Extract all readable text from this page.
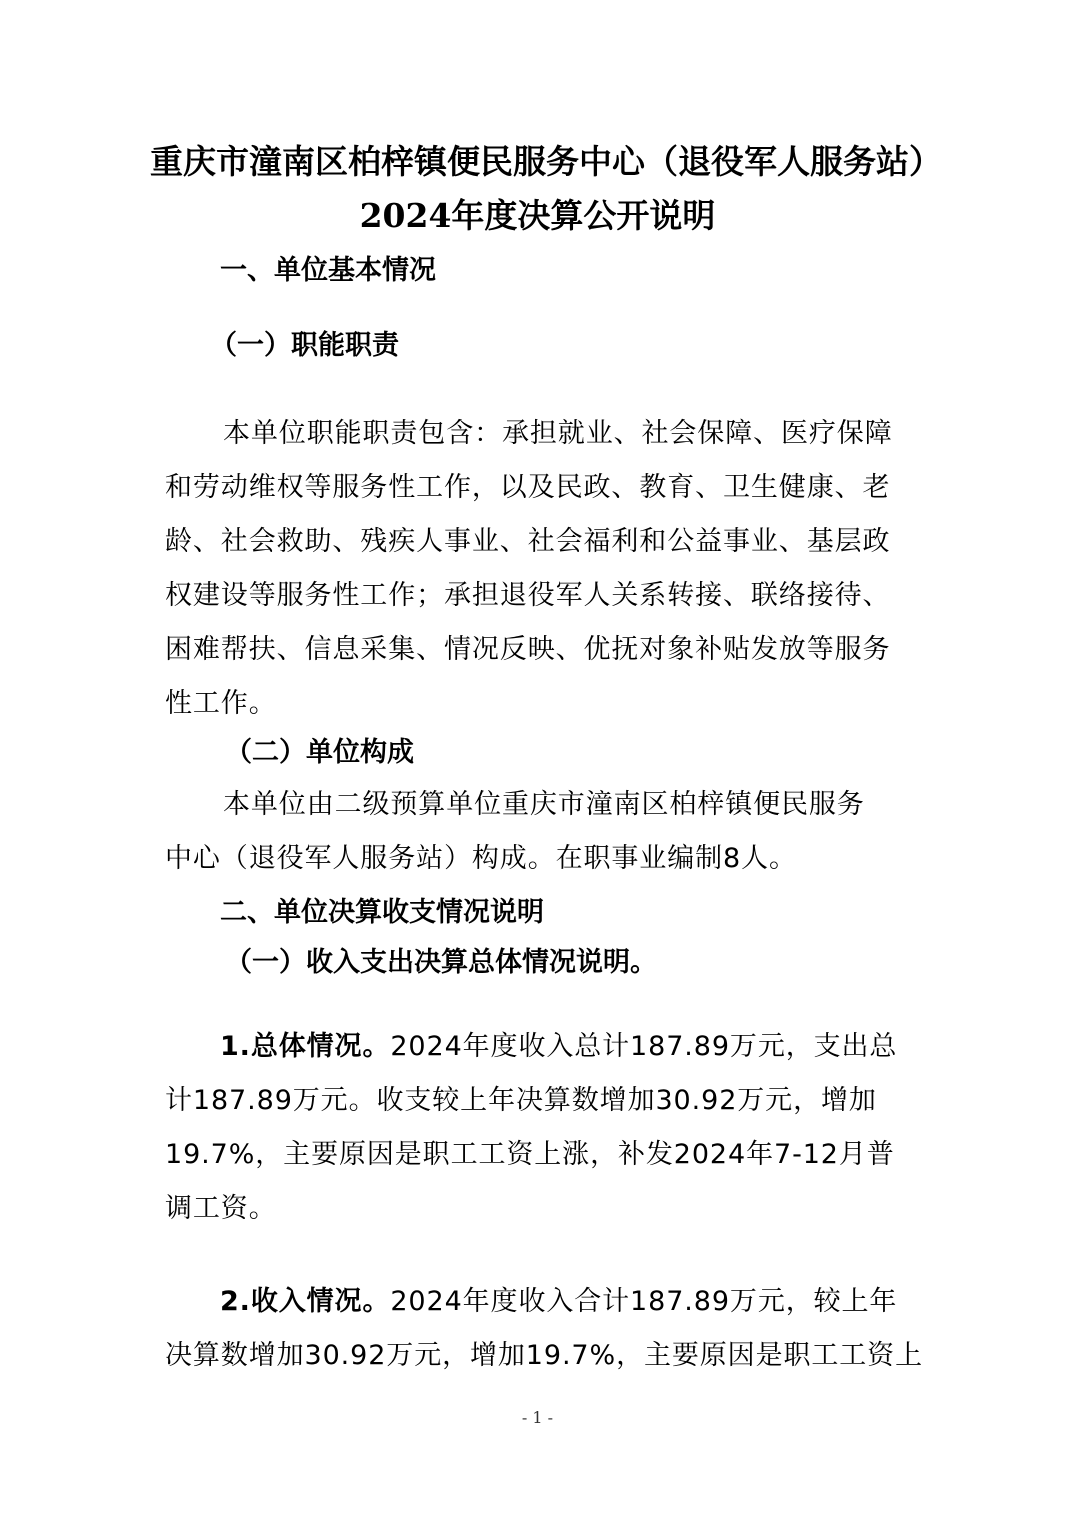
重庆市潼南区柏梓镇便民服务中心（退役军人服务站）
2024年度决算公开说明
一、单位基本情况
（一）职能职责
本单位职能职责包含：承担就业、社会保障、医疗保障
和劳动维权等服务性工作，以及民政、教育、卫生健康、老
龄、社会救助、残疾人事业、社会福利和公益事业、基层政
权建设等服务性工作；承担退役军人关系转接、联络接待、
困难帮扶、信息采集、情况反映、优抚对象补贴发放等服务
性工作。
（二）单位构成
本单位由二级预算单位重庆市潼南区柏梓镇便民服务
中心（退役军人服务站）构成。在职事业编制8人。
二、单位决算收支情况说明
（一）收入支出决算总体情况说明。
1.总体情况。2024年度收入总计187.89万元，支出总
计187.89万元。收支较上年决算数增加30.92万元，增加
19.7%，主要原因是职工工资上涨，补发2024年7-12月普
调工资。
2.收入情况。2024年度收入合计187.89万元，较上年
决算数增加30.92万元，增加19.7%，主要原因是职工工资上
- 1 -
